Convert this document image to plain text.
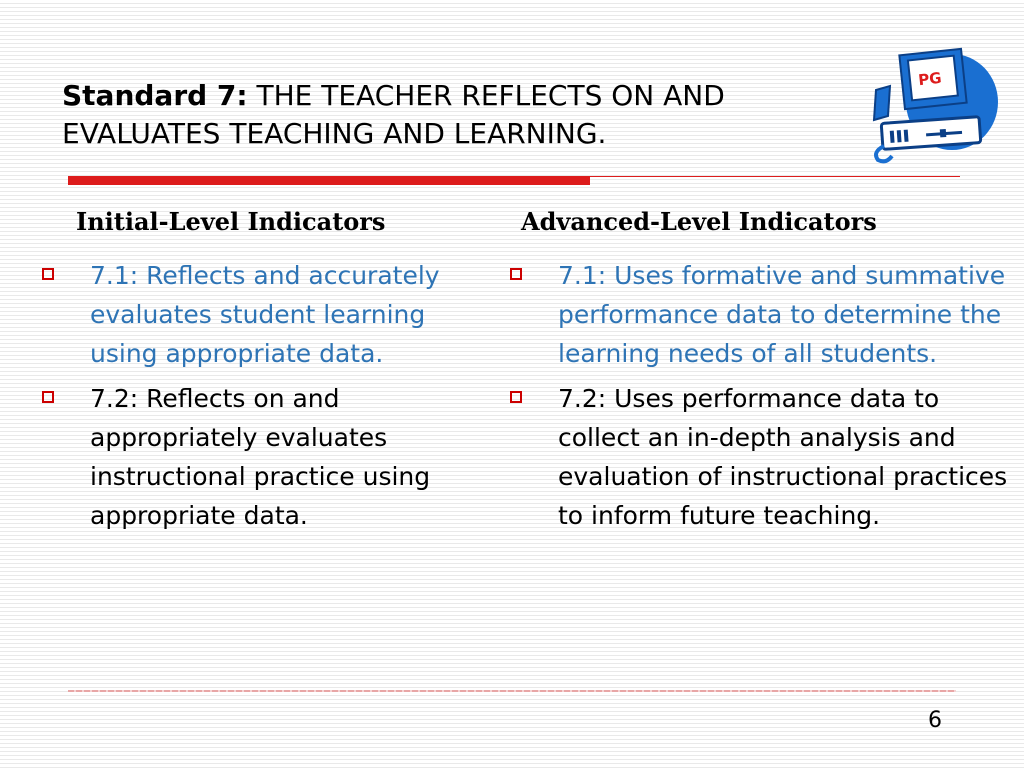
Standard 7: THE TEACHER REFLECTS ON AND EVALUATES TEACHING AND LEARNING.
PG
Initial-Level Indicators	Advanced-Level Indicators
7.1: Reflects and accurately evaluates student learning using appropriate data.
7.2: Reflects on and appropriately evaluates instructional practice using appropriate data.
7.1: Uses formative and summative performance data to determine the learning needs of all students.
7.2: Uses performance data to collect an in-depth analysis and evaluation of instructional practices to inform future teaching.
6
